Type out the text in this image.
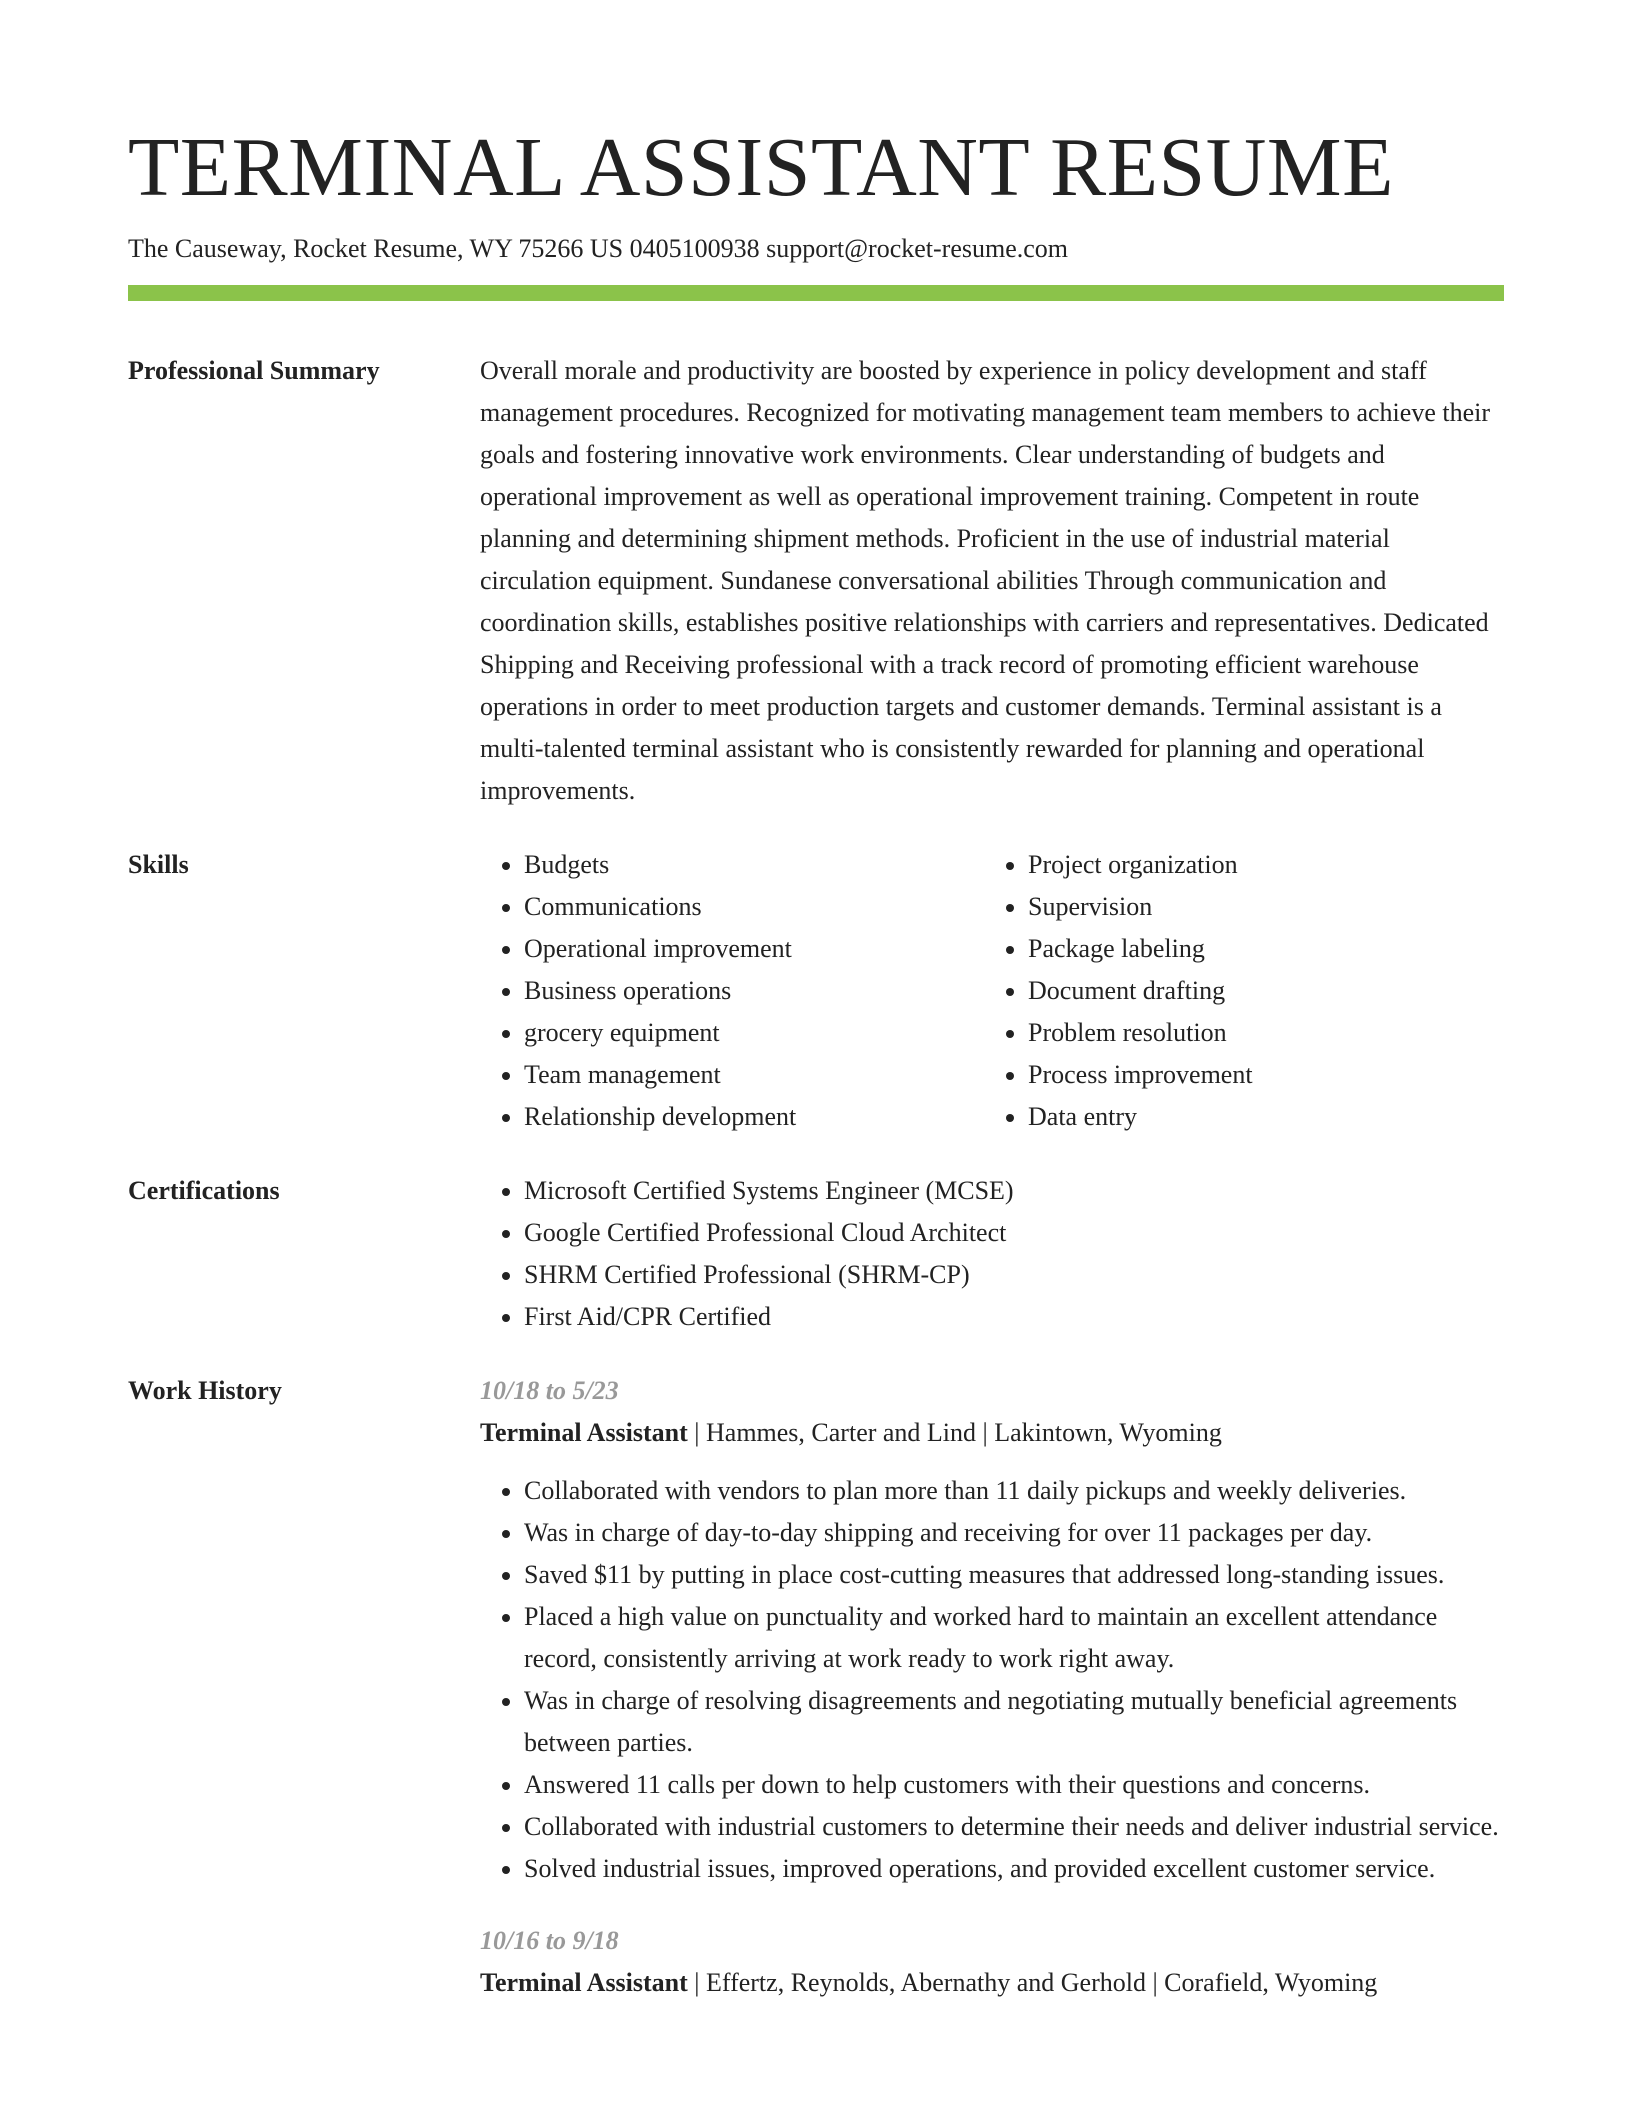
TERMINAL ASSISTANT RESUME
The Causeway, Rocket Resume, WY 75266 US 0405100938 support@rocket-resume.com
Professional Summary	Overall morale and productivity are boosted by experience in policy development and staff management procedures. Recognized for motivating management team members to achieve their goals and fostering innovative work environments. Clear understanding of budgets and operational improvement as well as operational improvement training. Competent in route planning and determining shipment methods. Proficient in the use of industrial material circulation equipment. Sundanese conversational abilities Through communication and coordination skills, establishes positive relationships with carriers and representatives. Dedicated Shipping and Receiving professional with a track record of promoting efficient warehouse operations in order to meet production targets and customer demands. Terminal assistant is a multi-talented terminal assistant who is consistently rewarded for planning and operational improvements.

Skills	• Budgets
• Communications
• Operational improvement
• Business operations
• grocery equipment
• Team management
• Relationship development
• Project organization
• Supervision
• Package labeling
• Document drafting
• Problem resolution
• Process improvement
• Data entry
Certifications	• Microsoft Certified Systems Engineer (MCSE)
• Google Certified Professional Cloud Architect
• SHRM Certified Professional (SHRM-CP)
• First Aid/CPR Certified
Work History	10/18 to 5/23
Terminal Assistant | Hammes, Carter and Lind | Lakintown, Wyoming
• Collaborated with vendors to plan more than 11 daily pickups and weekly deliveries.
• Was in charge of day-to-day shipping and receiving for over 11 packages per day.
• Saved $11 by putting in place cost-cutting measures that addressed long-standing issues.
• Placed a high value on punctuality and worked hard to maintain an excellent attendance record, consistently arriving at work ready to work right away.
• Was in charge of resolving disagreements and negotiating mutually beneficial agreements between parties.
• Answered 11 calls per down to help customers with their questions and concerns.
• Collaborated with industrial customers to determine their needs and deliver industrial service.
• Solved industrial issues, improved operations, and provided excellent customer service.
10/16 to 9/18
Terminal Assistant | Effertz, Reynolds, Abernathy and Gerhold | Corafield, Wyoming
